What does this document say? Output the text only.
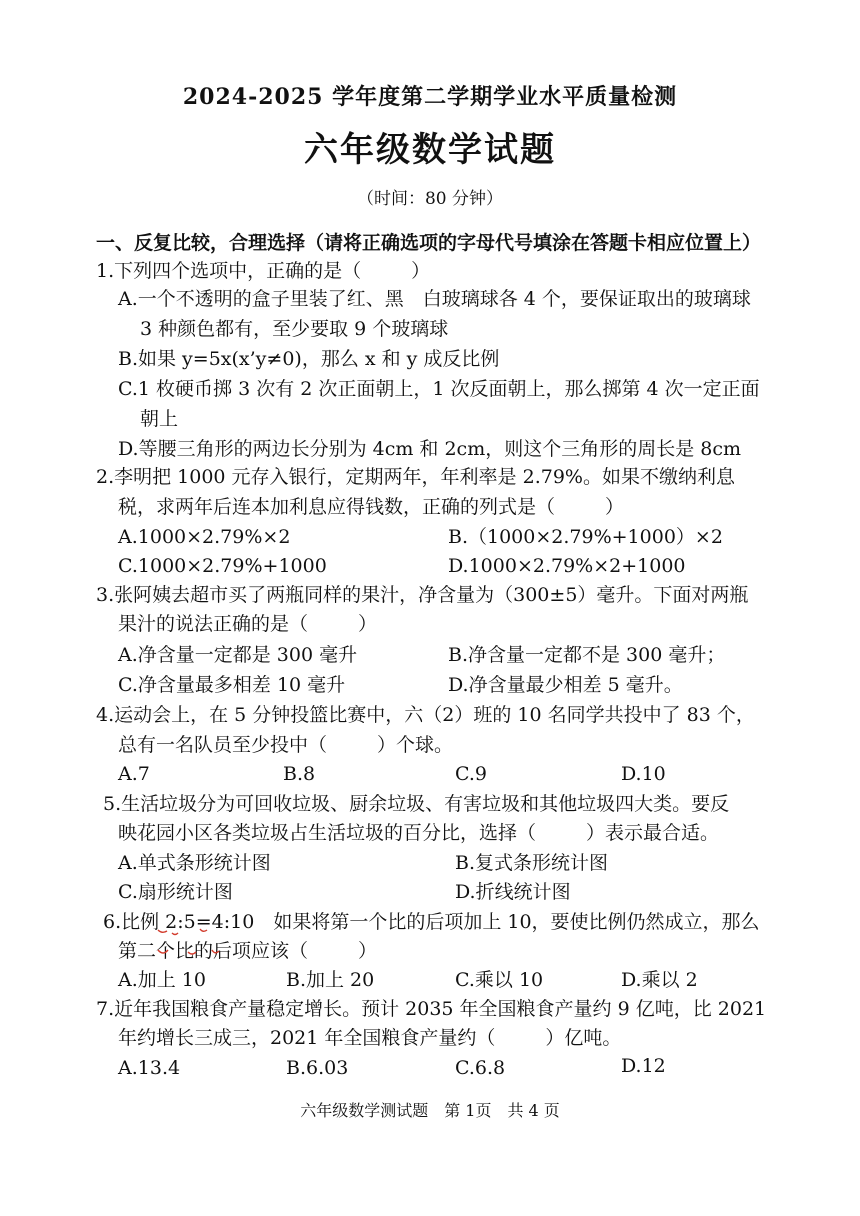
2024-2025 学年度第二学期学业水平质量检测
六年级数学试题
（时间：80 分钟）
一、反复比较，合理选择（请将正确选项的字母代号填涂在答题卡相应位置上）
1.下列四个选项中，正确的是（	）
A.一个不透明的盒子里装了红、黑　白玻璃球各 4 个，要保证取出的玻璃球
3 种颜色都有，至少要取 9 个玻璃球
B.如果 y=5x(x’y≠0)，那么 x 和 y 成反比例
C.1 枚硬币掷 3 次有 2 次正面朝上，1 次反面朝上，那么掷第 4 次一定正面
朝上
D.等腰三角形的两边长分别为 4cm 和 2cm，则这个三角形的周长是 8cm
2.李明把 1000 元存入银行，定期两年，年利率是 2.79%。如果不缴纳利息
税，求两年后连本加利息应得钱数，正确的列式是（	）
A.1000×2.79%×2	B.（1000×2.79%+1000）×2
C.1000×2.79%+1000	D.1000×2.79%×2+1000
3.张阿姨去超市买了两瓶同样的果汁，净含量为（300±5）毫升。下面对两瓶
果汁的说法正确的是（	）
A.净含量一定都是 300 毫升	B.净含量一定都不是 300 毫升；
C.净含量最多相差 10 毫升	D.净含量最少相差 5 毫升。
4.运动会上，在 5 分钟投篮比赛中，六（2）班的 10 名同学共投中了 83 个，
总有一名队员至少投中（	）个球。
A.7	B.8	C.9	D.10
5.生活垃圾分为可回收垃圾、厨余垃圾、有害垃圾和其他垃圾四大类。要反
映花园小区各类垃圾占生活垃圾的百分比，选择（	）表示最合适。
A.单式条形统计图	B.复式条形统计图
C.扇形统计图	D.折线统计图
6.比例 2:5=4:10　如果将第一个比的后项加上 10，要使比例仍然成立，那么
第二个比的后项应该（	）
A.加上 10	B.加上 20	C.乘以 10	D.乘以 2
7.近年我国粮食产量稳定增长。预计 2035 年全国粮食产量约 9 亿吨，比 2021
年约增长三成三，2021 年全国粮食产量约（	）亿吨。
A.13.4	B.6.03	C.6.8	D.12
六年级数学测试题　第 1页　共 4 页
